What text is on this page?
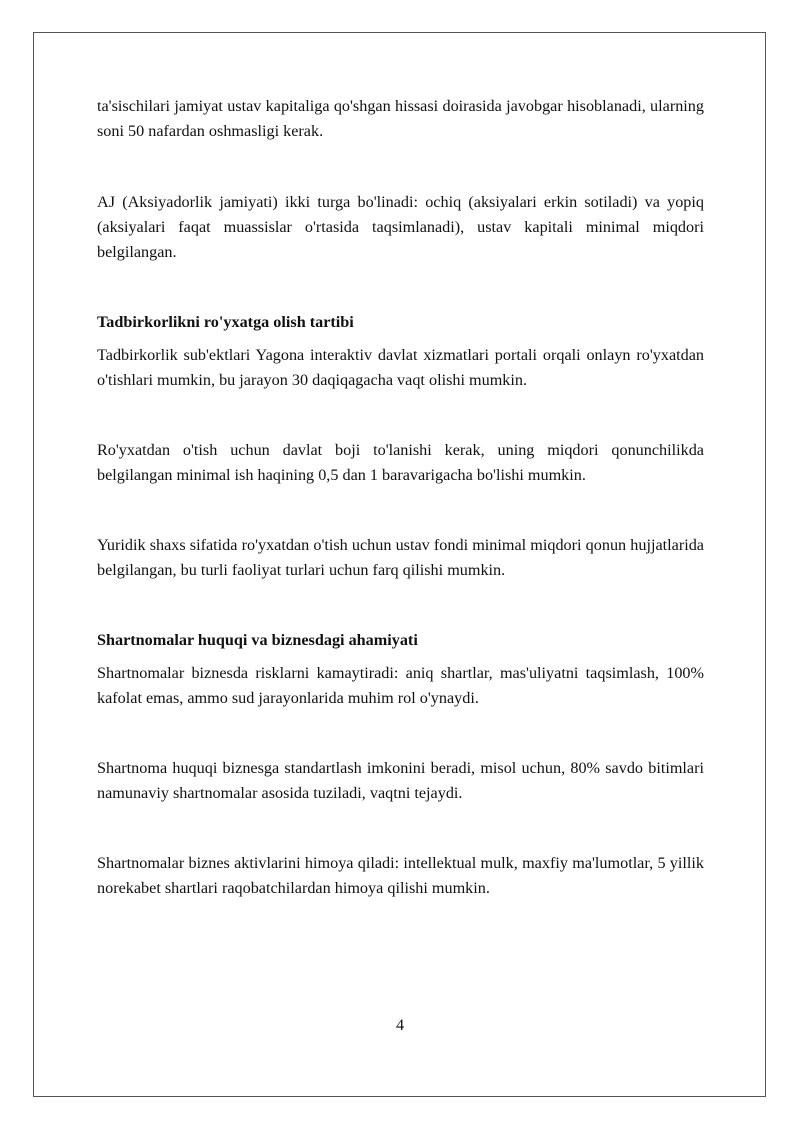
ta'sischilari jamiyat ustav kapitaliga qo'shgan hissasi doirasida javobgar hisoblanadi, ularning soni 50 nafardan oshmasligi kerak.

AJ (Aksiyadorlik jamiyati) ikki turga bo'linadi: ochiq (aksiyalari erkin sotiladi) va yopiq (aksiyalari faqat muassislar o'rtasida taqsimlanadi), ustav kapitali minimal miqdori belgilangan.

Tadbirkorlikni ro'yxatga olish tartibi

Tadbirkorlik sub'ektlari Yagona interaktiv davlat xizmatlari portali orqali onlayn ro'yxatdan o'tishlari mumkin, bu jarayon 30 daqiqagacha vaqt olishi mumkin.

Ro'yxatdan o'tish uchun davlat boji to'lanishi kerak, uning miqdori qonunchilikda belgilangan minimal ish haqining 0,5 dan 1 baravarigacha bo'lishi mumkin.

Yuridik shaxs sifatida ro'yxatdan o'tish uchun ustav fondi minimal miqdori qonun hujjatlarida belgilangan, bu turli faoliyat turlari uchun farq qilishi mumkin.

Shartnomalar huquqi va biznesdagi ahamiyati

Shartnomalar biznesda risklarni kamaytiradi: aniq shartlar, mas'uliyatni taqsimlash, 100% kafolat emas, ammo sud jarayonlarida muhim rol o'ynaydi.

Shartnoma huquqi biznesga standartlash imkonini beradi, misol uchun, 80% savdo bitimlari namunaviy shartnomalar asosida tuziladi, vaqtni tejaydi.

Shartnomalar biznes aktivlarini himoya qiladi: intellektual mulk, maxfiy ma'lumotlar, 5 yillik norekabet shartlari raqobatchilardan himoya qilishi mumkin.

4
